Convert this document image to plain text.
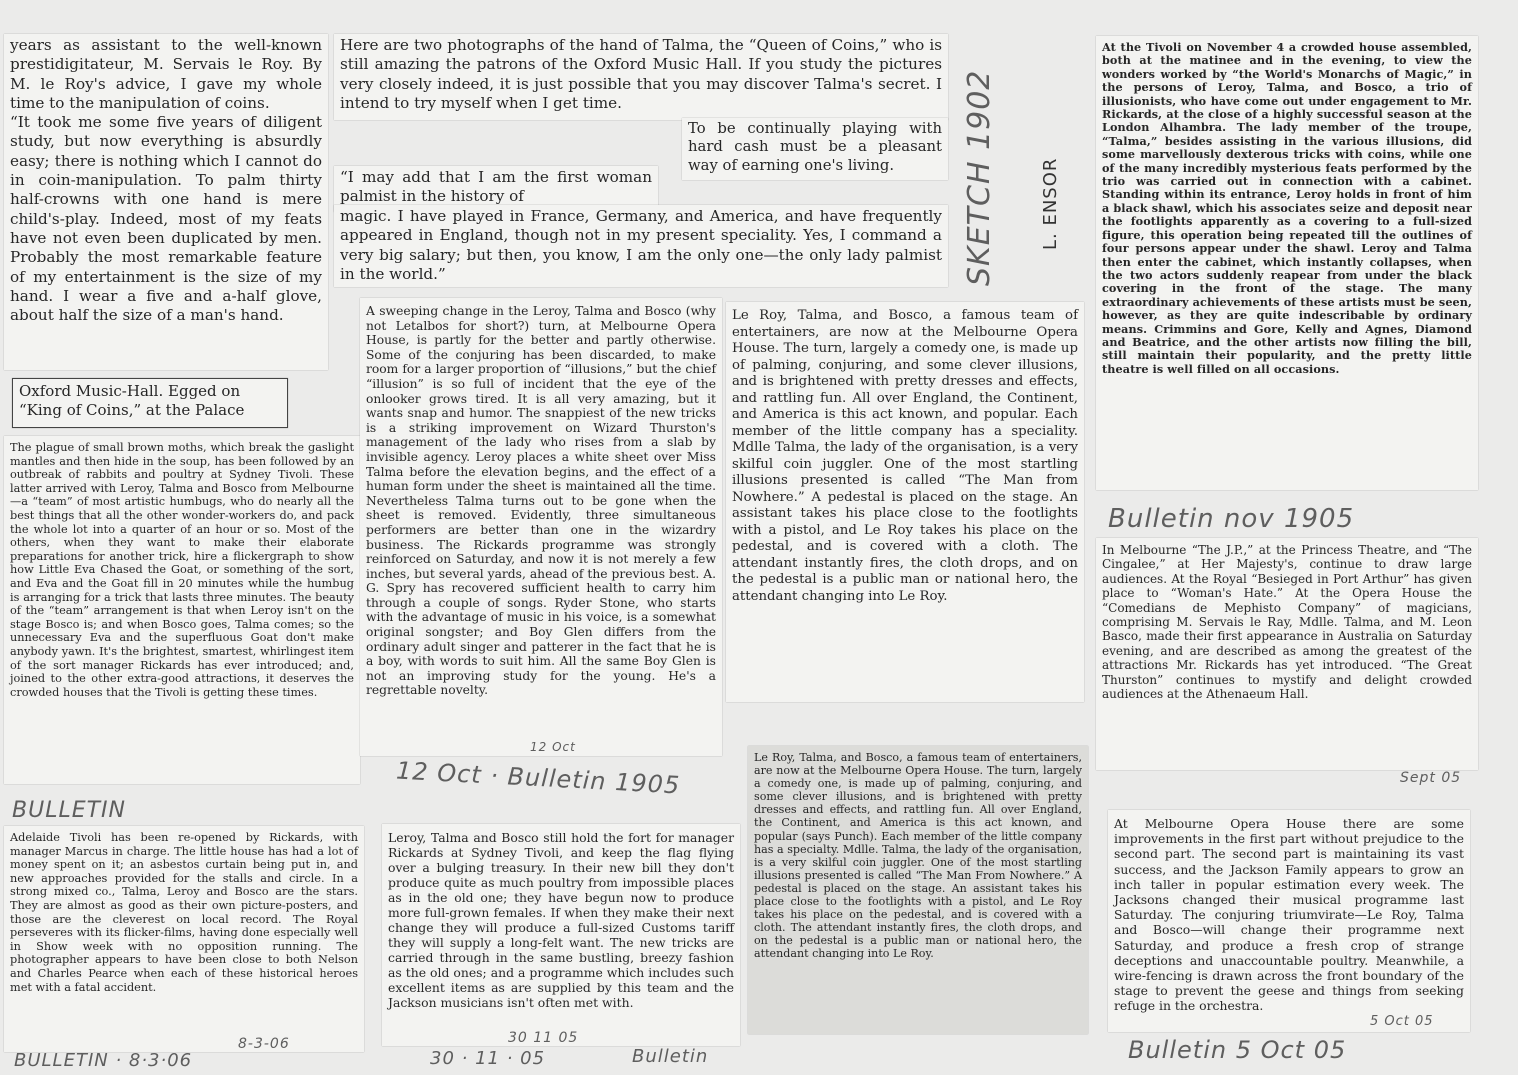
years as assistant to the well-known prestidigitateur, M. Servais le Roy. By M. le Roy's advice, I gave my whole time to the manipulation of coins.
“It took me some five years of diligent study, but now everything is absurdly easy; there is nothing which I cannot do in coin-manipulation. To palm thirty half-crowns with one hand is mere child's-play. Indeed, most of my feats have not even been duplicated by men. Probably the most remarkable feature of my entertainment is the size of my hand. I wear a five and a-half glove, about half the size of a man's hand.

Oxford Music-Hall. Egged on “King of Coins,” at the Palace

The plague of small brown moths, which break the gaslight mantles and then hide in the soup, has been followed by an outbreak of rabbits and poultry at Sydney Tivoli. These latter arrived with Leroy, Talma and Bosco from Melbourne—a “team” of most artistic humbugs, who do nearly all the best things that all the other wonder-workers do, and pack the whole lot into a quarter of an hour or so. Most of the others, when they want to make their elaborate preparations for another trick, hire a flickergraph to show how Little Eva Chased the Goat, or something of the sort, and Eva and the Goat fill in 20 minutes while the humbug is arranging for a trick that lasts three minutes. The beauty of the “team” arrangement is that when Leroy isn't on the stage Bosco is; and when Bosco goes, Talma comes; so the unnecessary Eva and the superfluous Goat don't make anybody yawn. It's the brightest, smartest, whirlingest item of the sort manager Rickards has ever introduced; and, joined to the other extra-good attractions, it deserves the crowded houses that the Tivoli is getting these times.

Adelaide Tivoli has been re-opened by Rickards, with manager Marcus in charge. The little house has had a lot of money spent on it; an asbestos curtain being put in, and new approaches provided for the stalls and circle. In a strong mixed co., Talma, Leroy and Bosco are the stars. They are almost as good as their own picture-posters, and those are the cleverest on local record. The Royal perseveres with its flicker-films, having done especially well in Show week with no opposition running. The photographer appears to have been close to both Nelson and Charles Pearce when each of these historical heroes met with a fatal accident.

Here are two photographs of the hand of Talma, the “Queen of Coins,” who is still amazing the patrons of the Oxford Music Hall. If you study the pictures very closely indeed, it is just possible that you may discover Talma's secret. I intend to try myself when I get time.

To be continually playing with hard cash must be a pleasant way of earning one's living.

“I may add that I am the first woman palmist in the history of

magic. I have played in France, Germany, and America, and have frequently appeared in England, though not in my present speciality. Yes, I command a very big salary; but then, you know, I am the only one—the only lady palmist in the world.”

A sweeping change in the Leroy, Talma and Bosco (why not Letalbos for short?) turn, at Melbourne Opera House, is partly for the better and partly otherwise. Some of the conjuring has been discarded, to make room for a larger proportion of “illusions,” but the chief “illusion” is so full of incident that the eye of the onlooker grows tired. It is all very amazing, but it wants snap and humor. The snappiest of the new tricks is a striking improvement on Wizard Thurston's management of the lady who rises from a slab by invisible agency. Leroy places a white sheet over Miss Talma before the elevation begins, and the effect of a human form under the sheet is maintained all the time. Nevertheless Talma turns out to be gone when the sheet is removed. Evidently, three simultaneous performers are better than one in the wizardry business. The Rickards programme was strongly reinforced on Saturday, and now it is not merely a few inches, but several yards, ahead of the previous best. A. G. Spry has recovered sufficient health to carry him through a couple of songs. Ryder Stone, who starts with the advantage of music in his voice, is a somewhat original songster; and Boy Glen differs from the ordinary adult singer and patterer in the fact that he is a boy, with words to suit him. All the same Boy Glen is not an improving study for the young. He's a regrettable novelty.

Le Roy, Talma, and Bosco, a famous team of entertainers, are now at the Melbourne Opera House. The turn, largely a comedy one, is made up of palming, conjuring, and some clever illusions, and is brightened with pretty dresses and effects, and rattling fun. All over England, the Continent, and America is this act known, and popular. Each member of the little company has a speciality. Mdlle Talma, the lady of the organisation, is a very skilful coin juggler. One of the most startling illusions presented is called “The Man from Nowhere.” A pedestal is placed on the stage. An assistant takes his place close to the footlights with a pistol, and Le Roy takes his place on the pedestal, and is covered with a cloth. The attendant instantly fires, the cloth drops, and on the pedestal is a public man or national hero, the attendant changing into Le Roy.

Leroy, Talma and Bosco still hold the fort for manager Rickards at Sydney Tivoli, and keep the flag flying over a bulging treasury. In their new bill they don't produce quite as much poultry from impossible places as in the old one; they have begun now to produce more full-grown females. If when they make their next change they will produce a full-sized Customs tariff they will supply a long-felt want. The new tricks are carried through in the same bustling, breezy fashion as the old ones; and a programme which includes such excellent items as are supplied by this team and the Jackson musicians isn't often met with.

Le Roy, Talma, and Bosco, a famous team of entertainers, are now at the Melbourne Opera House. The turn, largely a comedy one, is made up of palming, conjuring, and some clever illusions, and is brightened with pretty dresses and effects, and rattling fun. All over England, the Continent, and America is this act known, and popular (says Punch). Each member of the little company has a specialty. Mdlle. Talma, the lady of the organisation, is a very skilful coin juggler. One of the most startling illusions presented is called “The Man From Nowhere.” A pedestal is placed on the stage. An assistant takes his place close to the footlights with a pistol, and Le Roy takes his place on the pedestal, and is covered with a cloth. The attendant instantly fires, the cloth drops, and on the pedestal is a public man or national hero, the attendant changing into Le Roy.

At the Tivoli on November 4 a crowded house assembled, both at the matinee and in the evening, to view the wonders worked by “the World's Monarchs of Magic,” in the persons of Leroy, Talma, and Bosco, a trio of illusionists, who have come out under engagement to Mr. Rickards, at the close of a highly successful season at the London Alhambra. The lady member of the troupe, “Talma,” besides assisting in the various illusions, did some marvellously dexterous tricks with coins, while one of the many incredibly mysterious feats performed by the trio was carried out in connection with a cabinet. Standing within its entrance, Leroy holds in front of him a black shawl, which his associates seize and deposit near the footlights apparently as a covering to a full-sized figure, this operation being repeated till the outlines of four persons appear under the shawl. Leroy and Talma then enter the cabinet, which instantly collapses, when the two actors suddenly reapear from under the black covering in the front of the stage. The many extraordinary achievements of these artists must be seen, however, as they are quite indescribable by ordinary means. Crimmins and Gore, Kelly and Agnes, Diamond and Beatrice, and the other artists now filling the bill, still maintain their popularity, and the pretty little theatre is well filled on all occasions.

In Melbourne “The J.P.,” at the Princess Theatre, and “The Cingalee,” at Her Majesty's, continue to draw large audiences. At the Royal “Besieged in Port Arthur” has given place to “Woman's Hate.” At the Opera House the “Comedians de Mephisto Company” of magicians, comprising M. Servais le Ray, Mdlle. Talma, and M. Leon Basco, made their first appearance in Australia on Saturday evening, and are described as among the greatest of the attractions Mr. Rickards has yet introduced. “The Great Thurston” continues to mystify and delight crowded audiences at the Athenaeum Hall.

At Melbourne Opera House there are some improvements in the first part without prejudice to the second part. The second part is maintaining its vast success, and the Jackson Family appears to grow an inch taller in popular estimation every week. The Jacksons changed their musical programme last Saturday. The conjuring triumvirate—Le Roy, Talma and Bosco—will change their programme next Saturday, and produce a fresh crop of strange deceptions and unaccountable poultry. Meanwhile, a wire-fencing is drawn across the front boundary of the stage to prevent the geese and things from seeking refuge in the orchestra.

SKETCH 1902 L. ENSOR
Bulletin nov 1905
12 Oct · Bulletin 1905
12 Oct
BULLETIN
BULLETIN · 8·3·06
8-3-06
30 · 11 · 05
30 11 05
Bulletin	Bulletin 5 Oct 05
5 Oct 05
Sept 05
